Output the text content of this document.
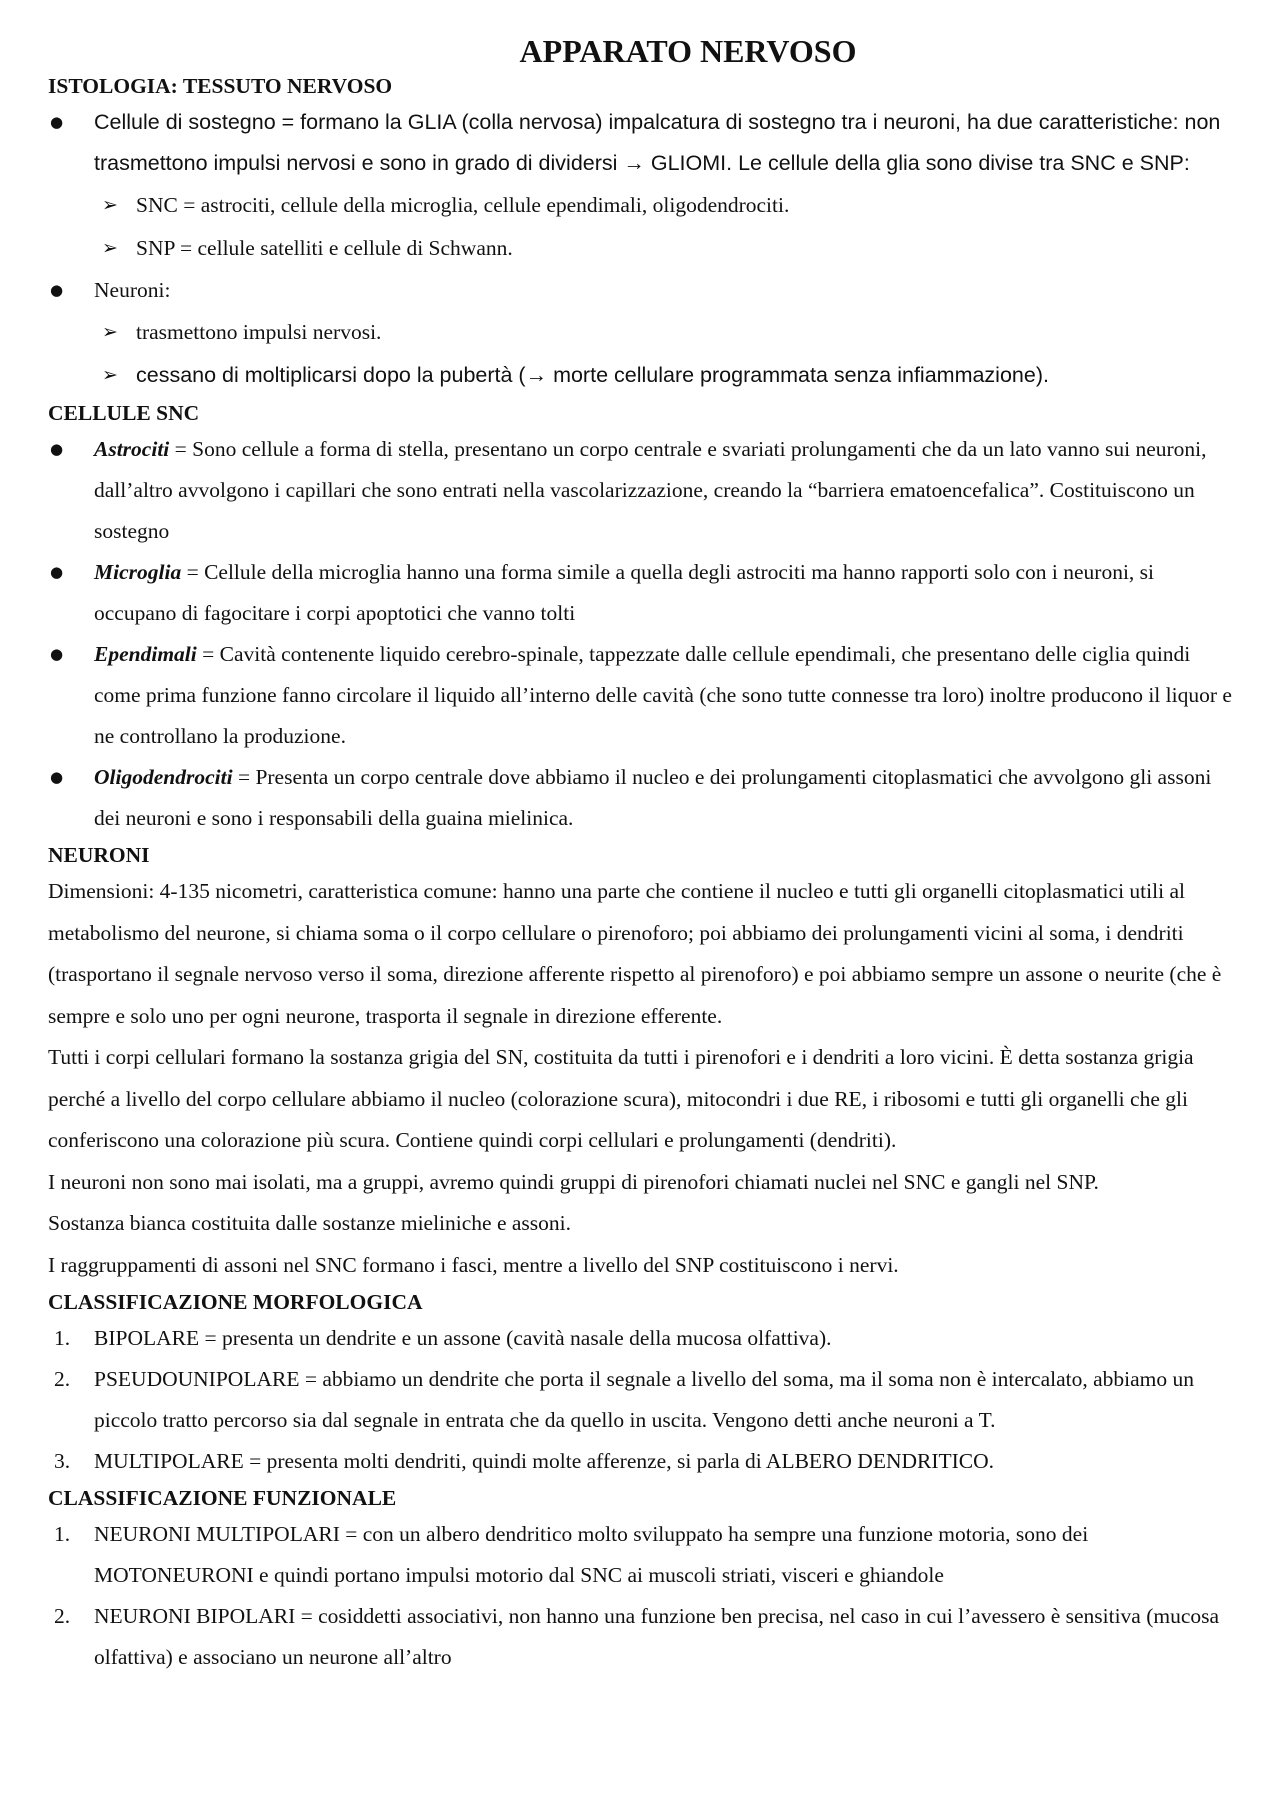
APPARATO NERVOSO
ISTOLOGIA: TESSUTO NERVOSO
● Cellule di sostegno = formano la GLIA (colla nervosa) impalcatura di sostegno tra i neuroni, ha due caratteristiche: non trasmettono impulsi nervosi e sono in grado di dividersi → GLIOMI. Le cellule della glia sono divise tra SNC e SNP:
➢ SNC = astrociti, cellule della microglia, cellule ependimali, oligodendrociti.
➢ SNP = cellule satelliti e cellule di Schwann.
● Neuroni:
➢ trasmettono impulsi nervosi.
➢ cessano di moltiplicarsi dopo la pubertà (→ morte cellulare programmata senza infiammazione).
CELLULE SNC
● Astrociti = Sono cellule a forma di stella, presentano un corpo centrale e svariati prolungamenti che da un lato vanno sui neuroni, dall’altro avvolgono i capillari che sono entrati nella vascolarizzazione, creando la “barriera ematoencefalica”. Costituiscono un sostegno
● Microglia = Cellule della microglia hanno una forma simile a quella degli astrociti ma hanno rapporti solo con i neuroni, si occupano di fagocitare i corpi apoptotici che vanno tolti
● Ependimali = Cavità contenente liquido cerebro-spinale, tappezzate dalle cellule ependimali, che presentano delle ciglia quindi come prima funzione fanno circolare il liquido all’interno delle cavità (che sono tutte connesse tra loro) inoltre producono il liquor e ne controllano la produzione.
● Oligodendrociti = Presenta un corpo centrale dove abbiamo il nucleo e dei prolungamenti citoplasmatici che avvolgono gli assoni dei neuroni e sono i responsabili della guaina mielinica.
NEURONI

Dimensioni: 4-135 nicometri, caratteristica comune: hanno una parte che contiene il nucleo e tutti gli organelli citoplasmatici utili al metabolismo del neurone, si chiama soma o il corpo cellulare o pirenoforo; poi abbiamo dei prolungamenti vicini al soma, i dendriti (trasportano il segnale nervoso verso il soma, direzione afferente rispetto al pirenoforo) e poi abbiamo sempre un assone o neurite (che è sempre e solo uno per ogni neurone, trasporta il segnale in direzione efferente.

Tutti i corpi cellulari formano la sostanza grigia del SN, costituita da tutti i pirenofori e i dendriti a loro vicini. È detta sostanza grigia perché a livello del corpo cellulare abbiamo il nucleo (colorazione scura), mitocondri i due RE, i ribosomi e tutti gli organelli che gli conferiscono una colorazione più scura. Contiene quindi corpi cellulari e prolungamenti (dendriti).

I neuroni non sono mai isolati, ma a gruppi, avremo quindi gruppi di pirenofori chiamati nuclei nel SNC e gangli nel SNP.

Sostanza bianca costituita dalle sostanze mieliniche e assoni.

I raggruppamenti di assoni nel SNC formano i fasci, mentre a livello del SNP costituiscono i nervi.

CLASSIFICAZIONE MORFOLOGICA
1. BIPOLARE = presenta un dendrite e un assone (cavità nasale della mucosa olfattiva).
2. PSEUDOUNIPOLARE = abbiamo un dendrite che porta il segnale a livello del soma, ma il soma non è intercalato, abbiamo un piccolo tratto percorso sia dal segnale in entrata che da quello in uscita. Vengono detti anche neuroni a T.
3. MULTIPOLARE = presenta molti dendriti, quindi molte afferenze, si parla di ALBERO DENDRITICO.
CLASSIFICAZIONE FUNZIONALE
1. NEURONI MULTIPOLARI = con un albero dendritico molto sviluppato ha sempre una funzione motoria, sono dei MOTONEURONI e quindi portano impulsi motorio dal SNC ai muscoli striati, visceri e ghiandole
2. NEURONI BIPOLARI = cosiddetti associativi, non hanno una funzione ben precisa, nel caso in cui l’avessero è sensitiva (mucosa olfattiva) e associano un neurone all’altro
